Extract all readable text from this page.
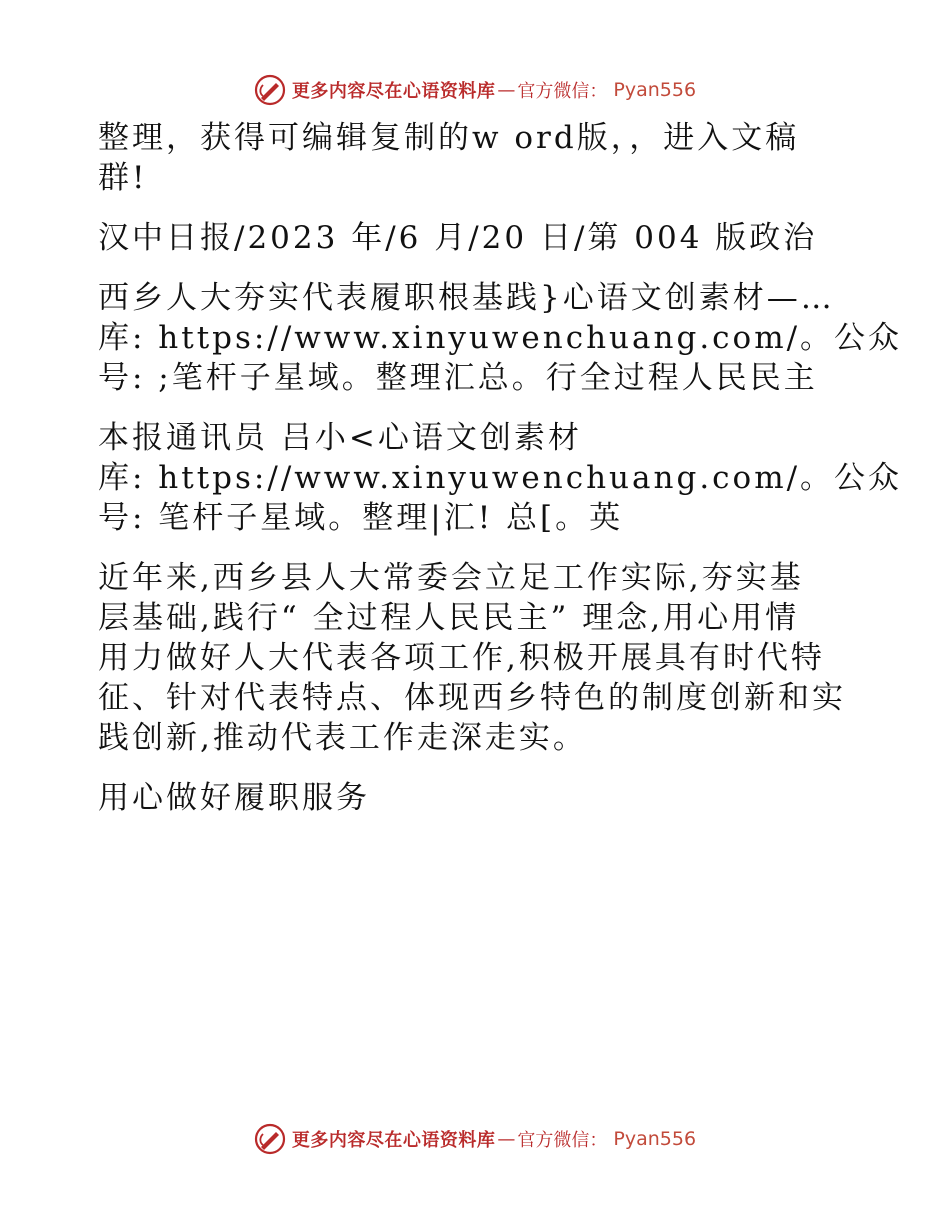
更多内容尽在心语资料库 — 官方微信 ： Pyan556
整理，获得可编辑复制的w ord版，，进入文稿
群!
汉中日报/2023 年/6 月/20 日/第 004 版政治
西乡人大夯实代表履职根基践}心语文创素材—…
库: https://www.xinyuwenchuang.com/。公众
号: ;笔杆子星域。整理汇总。行全过程人民民主
本报通讯员 吕小<心语文创素材
库: https://www.xinyuwenchuang.com/。公众
号: 笔杆子星域。整理|汇! 总[。英
近年来,西乡县人大常委会立足工作实际,夯实基
层基础,践行“ 全过程人民民主” 理念,用心用情
用力做好人大代表各项工作,积极开展具有时代特
征、针对代表特点、体现西乡特色的制度创新和实
践创新,推动代表工作走深走实。
用心做好履职服务
更多内容尽在心语资料库 — 官方微信 ： Pyan556
